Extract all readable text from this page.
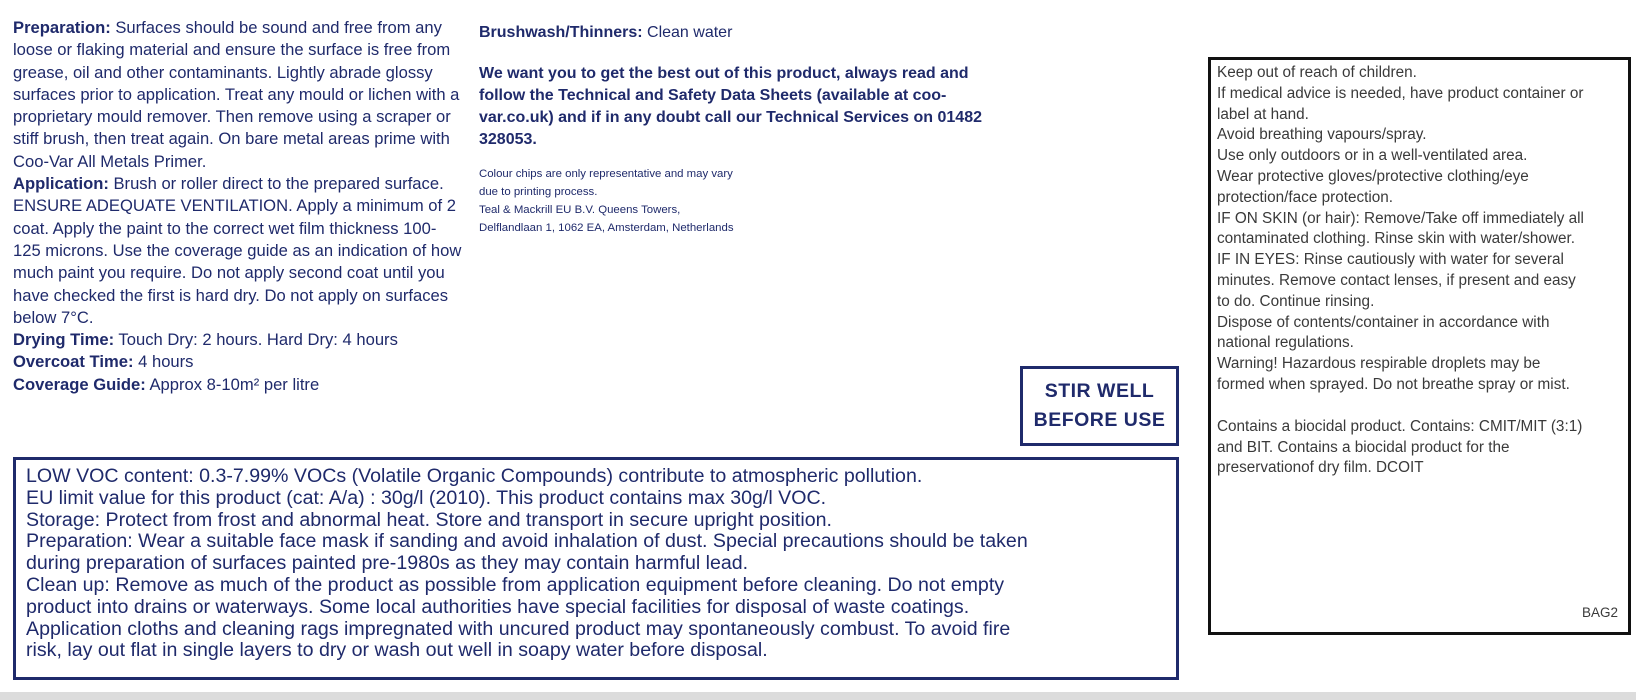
Preparation: Surfaces should be sound and free from any loose or flaking material and ensure the surface is free from grease, oil and other contaminants. Lightly abrade glossy surfaces prior to application. Treat any mould or lichen with a proprietary mould remover. Then remove using a scraper or stiff brush, then treat again. On bare metal areas prime with Coo-Var All Metals Primer.

Application: Brush or roller direct to the prepared surface. ENSURE ADEQUATE VENTILATION. Apply a minimum of 2 coat. Apply the paint to the correct wet film thickness 100-125 microns. Use the coverage guide as an indication of how much paint you require. Do not apply second coat until you have checked the first is hard dry. Do not apply on surfaces below 7°C.

Drying Time: Touch Dry: 2 hours. Hard Dry: 4 hours

Overcoat Time: 4 hours

Coverage Guide: Approx 8-10m² per litre

Brushwash/Thinners: Clean water
We want you to get the best out of this product, always read and follow the Technical and Safety Data Sheets (available at coo-var.co.uk) and if in any doubt call our Technical Services on 01482 328053.
Colour chips are only representative and may vary
due to printing process.
Teal & Mackrill EU B.V. Queens Towers,
Delflandlaan 1, 1062 EA, Amsterdam, Netherlands
STIR WELL
BEFORE USE
LOW VOC content: 0.3-7.99% VOCs (Volatile Organic Compounds) contribute to atmospheric pollution.
EU limit value for this product (cat: A/a) : 30g/l (2010). This product contains max 30g/l VOC.
Storage: Protect from frost and abnormal heat. Store and transport in secure upright position.
Preparation: Wear a suitable face mask if sanding and avoid inhalation of dust. Special precautions should be taken
during preparation of surfaces painted pre-1980s as they may contain harmful lead.
Clean up: Remove as much of the product as possible from application equipment before cleaning. Do not empty
product into drains or waterways. Some local authorities have special facilities for disposal of waste coatings.
Application cloths and cleaning rags impregnated with uncured product may spontaneously combust. To avoid fire
risk, lay out flat in single layers to dry or wash out well in soapy water before disposal.
Keep out of reach of children.
If medical advice is needed, have product container or
label at hand.
Avoid breathing vapours/spray.
Use only outdoors or in a well-ventilated area.
Wear protective gloves/protective clothing/eye
protection/face protection.
IF ON SKIN (or hair): Remove/Take off immediately all
contaminated clothing. Rinse skin with water/shower.
IF IN EYES: Rinse cautiously with water for several
minutes. Remove contact lenses, if present and easy
to do. Continue rinsing.
Dispose of contents/container in accordance with
national regulations.
Warning! Hazardous respirable droplets may be
formed when sprayed. Do not breathe spray or mist.
Contains a biocidal product. Contains: CMIT/MIT (3:1)
and BIT. Contains a biocidal product for the
preservationof dry film. DCOIT
BAG2
